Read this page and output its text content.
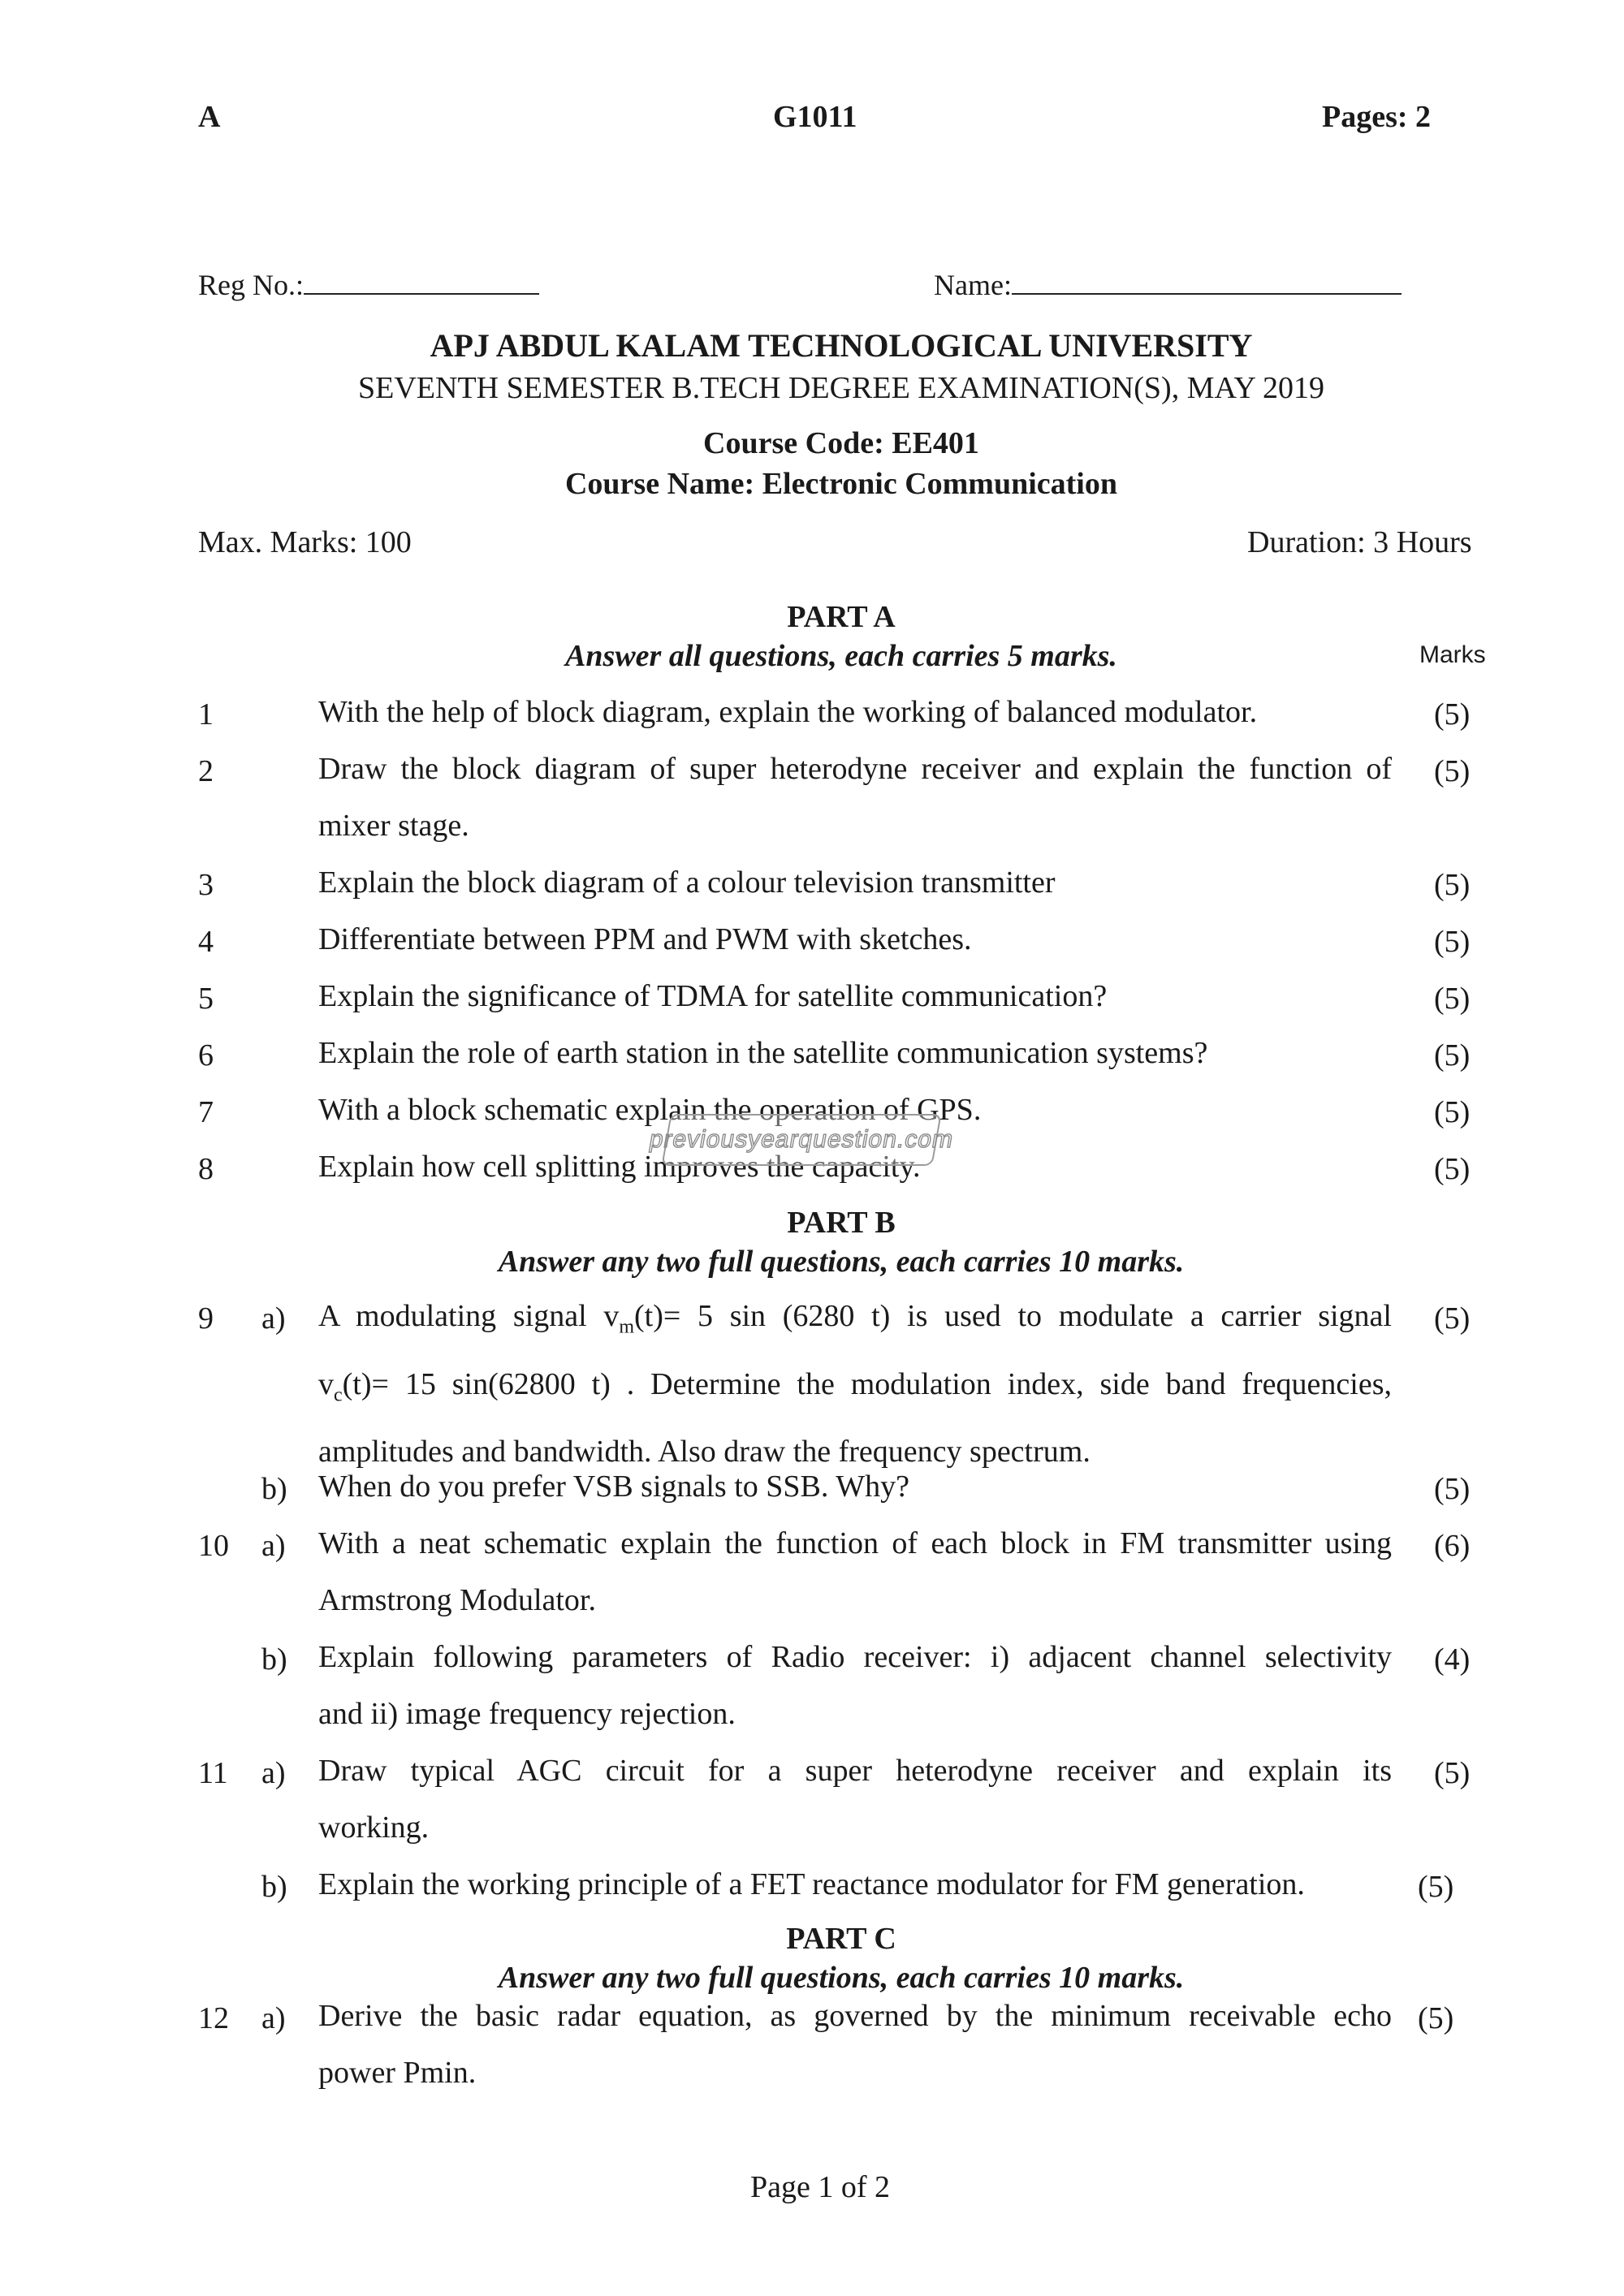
A	G1011	Pages: 2
Reg No.:	Name:
APJ ABDUL KALAM TECHNOLOGICAL UNIVERSITY
SEVENTH SEMESTER B.TECH DEGREE EXAMINATION(S), MAY 2019
Course Code: EE401
Course Name: Electronic Communication
Max. Marks: 100	Duration: 3 Hours
PART A
Answer all questions, each carries 5 marks.	Marks
1	With the help of block diagram, explain the working of balanced modulator.	(5)
2	Draw the block diagram of super heterodyne receiver and explain the function of
mixer stage.
(5)
3	Explain the block diagram of a colour television transmitter	(5)
4	Differentiate between PPM and PWM with sketches.	(5)
5	Explain the significance of TDMA for satellite communication?	(5)
6	Explain the role of earth station in the satellite communication systems?	(5)
7	With a block schematic explain the operation of GPS.	(5)
8	Explain how cell splitting improves the capacity.	(5)
previousyearquestion.com
PART B
Answer any two full questions, each carries 10 marks.
9 a) A modulating signal $v_m(t)= 5$ sin (6280 t) is used to modulate a carrier signal
$v_c(t)= 15$ sin(62800 t) . Determine the modulation index, side band frequencies,
amplitudes and bandwidth. Also draw the frequency spectrum.
(5)
b) When do you prefer VSB signals to SSB. Why?	(5)
10 a) With a neat schematic explain the function of each block in FM transmitter using
Armstrong Modulator.
(6)
b) Explain following parameters of Radio receiver: i) adjacent channel selectivity
and ii) image frequency rejection.
(4)
11 a) Draw typical AGC circuit for a super heterodyne receiver and explain its
working.
(5)
b) Explain the working principle of a FET reactance modulator for FM generation.	(5)
PART C
Answer any two full questions, each carries 10 marks.
12 a) Derive the basic radar equation, as governed by the minimum receivable echo
power Pmin.
(5)
Page 1 of 2
